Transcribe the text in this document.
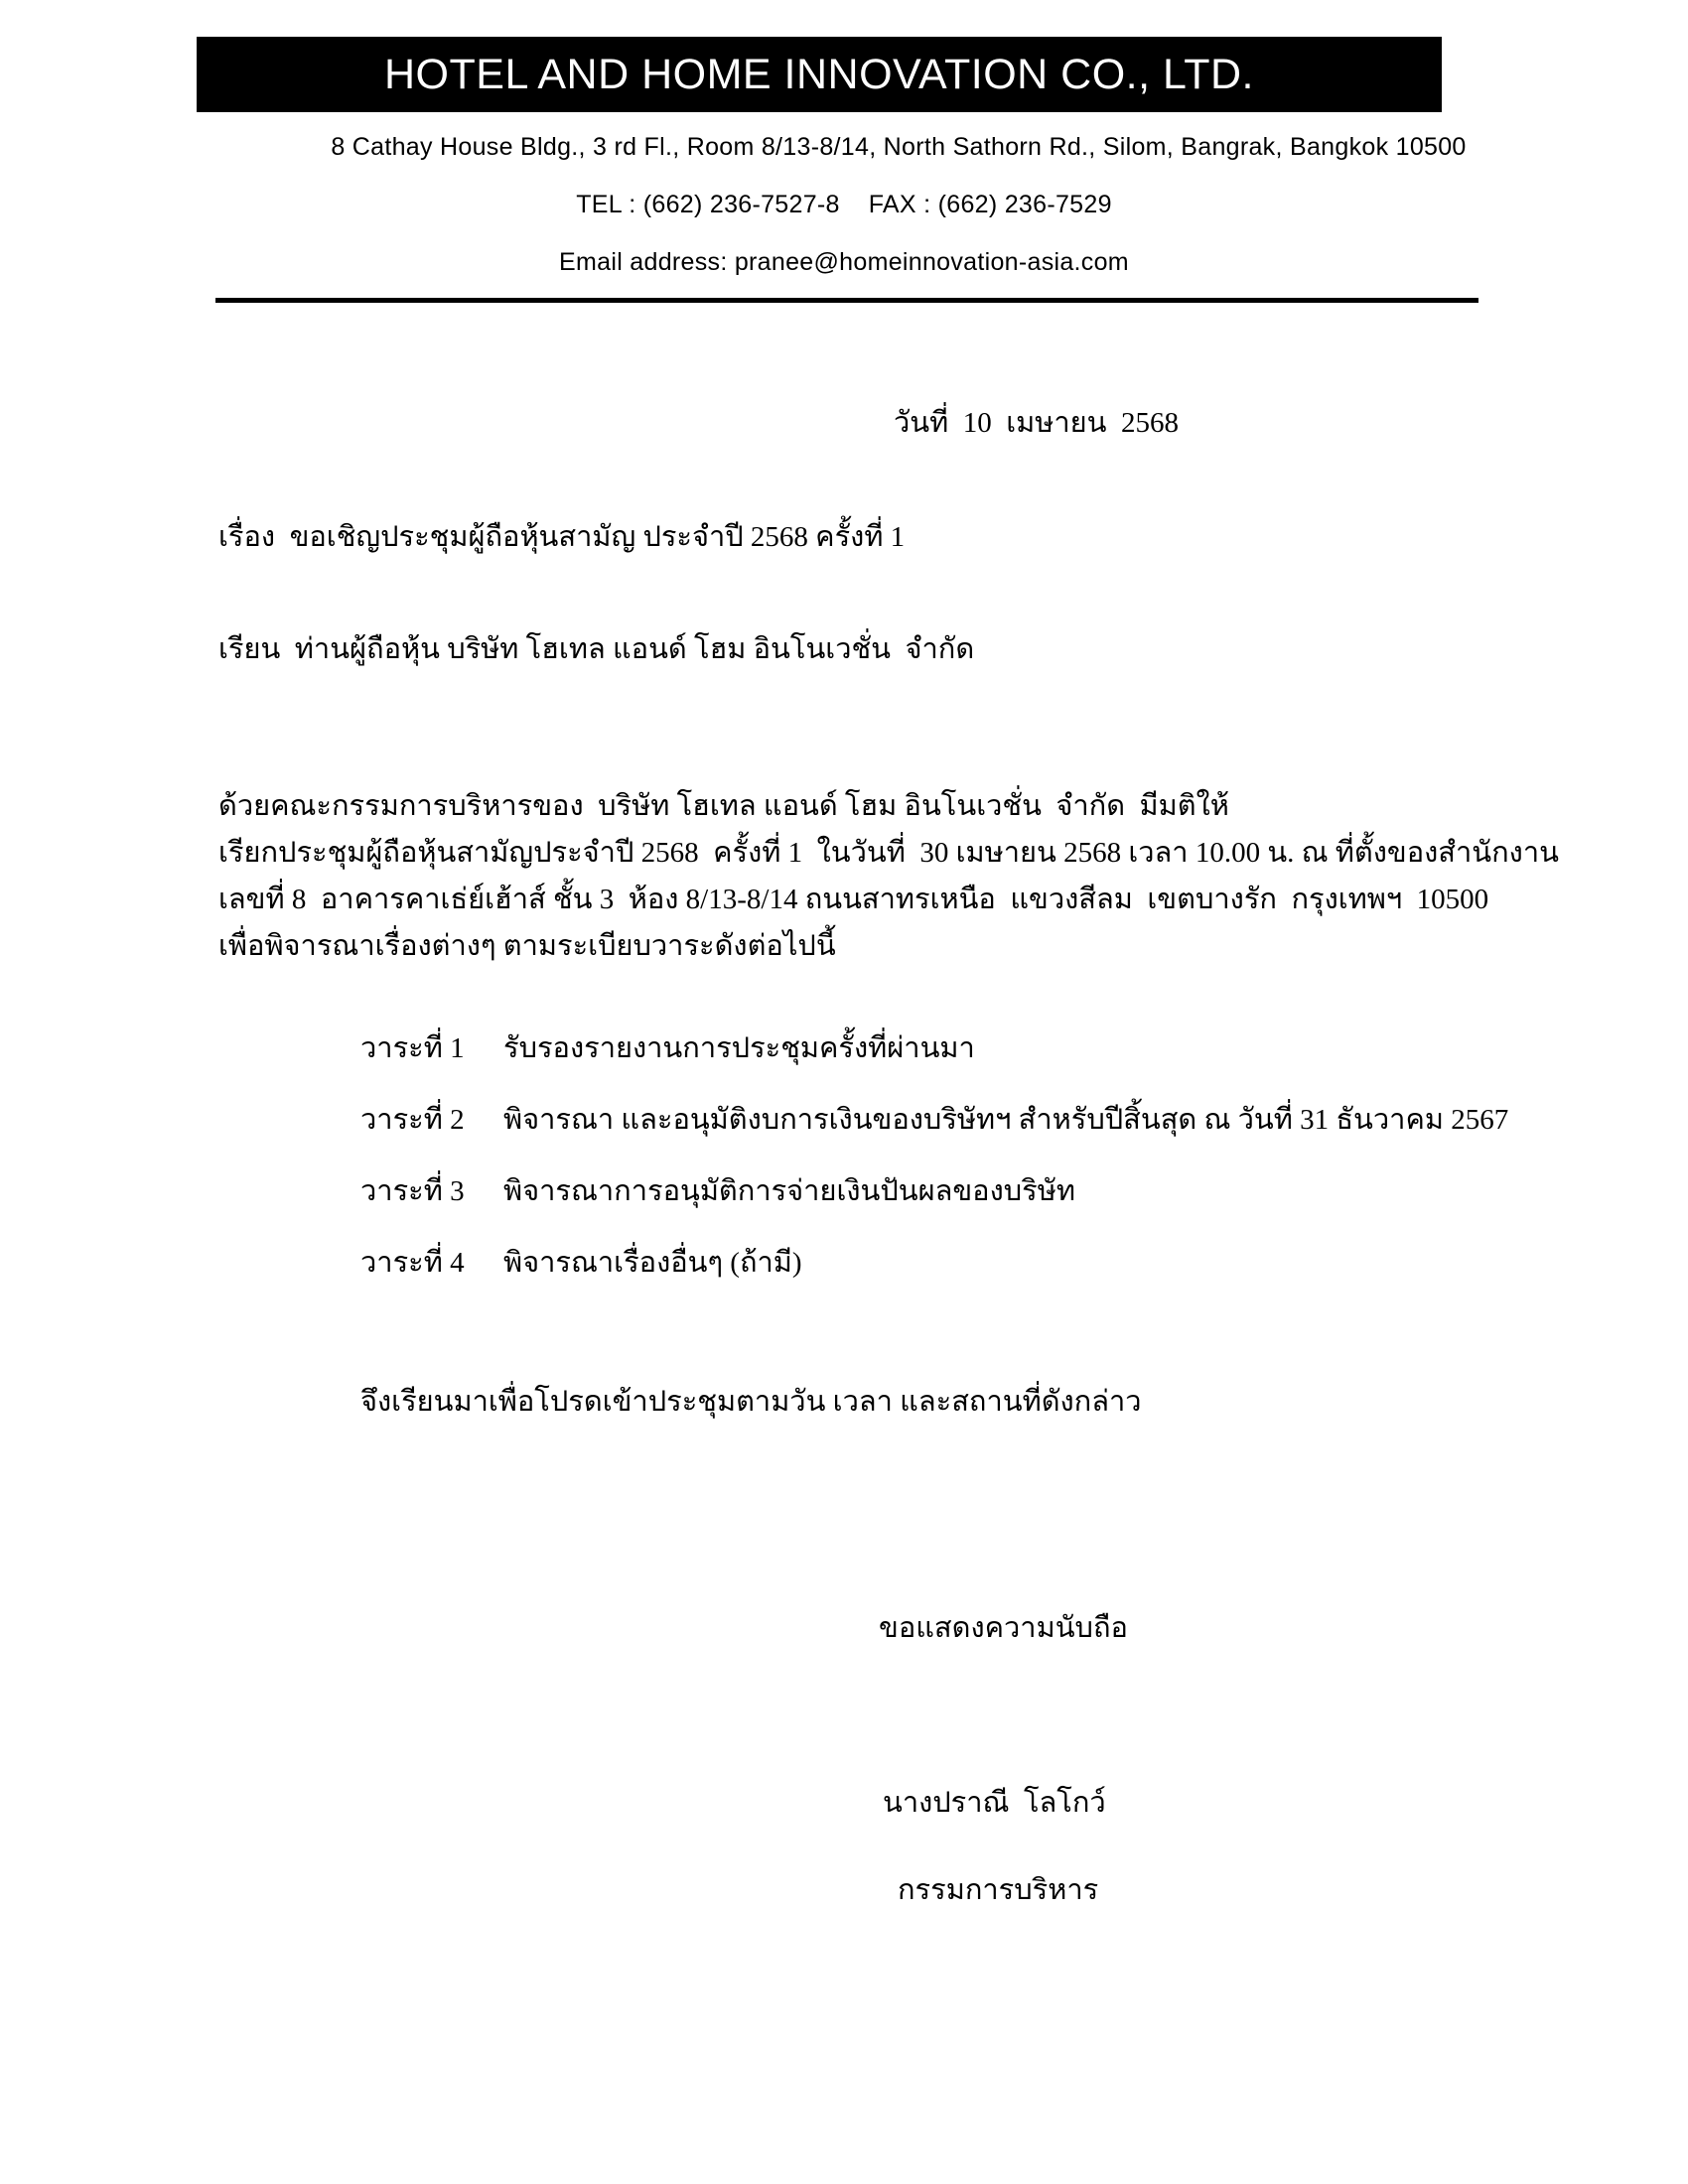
HOTEL AND HOME INNOVATION CO., LTD.
8 Cathay House Bldg., 3 rd Fl., Room 8/13-8/14, North Sathorn Rd., Silom, Bangrak, Bangkok 10500
TEL : (662) 236-7527-8    FAX : (662) 236-7529
Email address: pranee@homeinnovation-asia.com
วันที่  10  เมษายน  2568
เรื่อง  ขอเชิญประชุมผู้ถือหุ้นสามัญ ประจำปี 2568 ครั้งที่ 1
เรียน  ท่านผู้ถือหุ้น บริษัท โฮเทล แอนด์ โฮม อินโนเวชั่น  จำกัด
ด้วยคณะกรรมการบริหารของ  บริษัท โฮเทล แอนด์ โฮม อินโนเวชั่น  จำกัด  มีมติให้
เรียกประชุมผู้ถือหุ้นสามัญประจำปี 2568  ครั้งที่ 1  ในวันที่  30 เมษายน 2568 เวลา 10.00 น. ณ ที่ตั้งของสำนักงาน
เลขที่ 8  อาคารคาเธ่ย์เฮ้าส์ ชั้น 3  ห้อง 8/13-8/14 ถนนสาทรเหนือ  แขวงสีลม  เขตบางรัก  กรุงเทพฯ  10500
เพื่อพิจารณาเรื่องต่างๆ ตามระเบียบวาระดังต่อไปนี้
วาระที่ 1 รับรองรายงานการประชุมครั้งที่ผ่านมา
วาระที่ 2 พิจารณา และอนุมัติงบการเงินของบริษัทฯ สำหรับปีสิ้นสุด ณ วันที่ 31 ธันวาคม 2567
วาระที่ 3 พิจารณาการอนุมัติการจ่ายเงินปันผลของบริษัท
วาระที่ 4 พิจารณาเรื่องอื่นๆ (ถ้ามี)
จึงเรียนมาเพื่อโปรดเข้าประชุมตามวัน เวลา และสถานที่ดังกล่าว
ขอแสดงความนับถือ
นางปราณี  โลโกว์
กรรมการบริหาร
